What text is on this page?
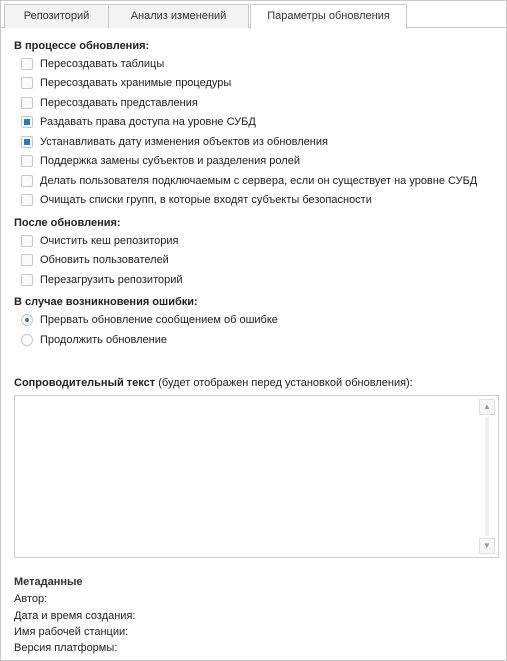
Репозиторий	Анализ изменений	Параметры обновления
В процессе обновления:
Пересоздавать таблицы
Пересоздавать хранимые процедуры
Пересоздавать представления
Раздавать права доступа на уровне СУБД
Устанавливать дату изменения объектов из обновления
Поддержка замены субъектов и разделения ролей
Делать пользователя подключаемым с сервера, если он существует на уровне СУБД
Очищать списки групп, в которые входят субъекты безопасности
После обновления:
Очистить кеш репозитория
Обновить пользователей
Перезагрузить репозиторий
В случае возникновения ошибки:
Прервать обновление сообщением об ошибке
Продолжить обновление
Сопроводительный текст (будет отображен перед установкой обновления):
▲
▼
Метаданные
Автор:
Дата и время создания:
Имя рабочей станции:
Версия платформы:
